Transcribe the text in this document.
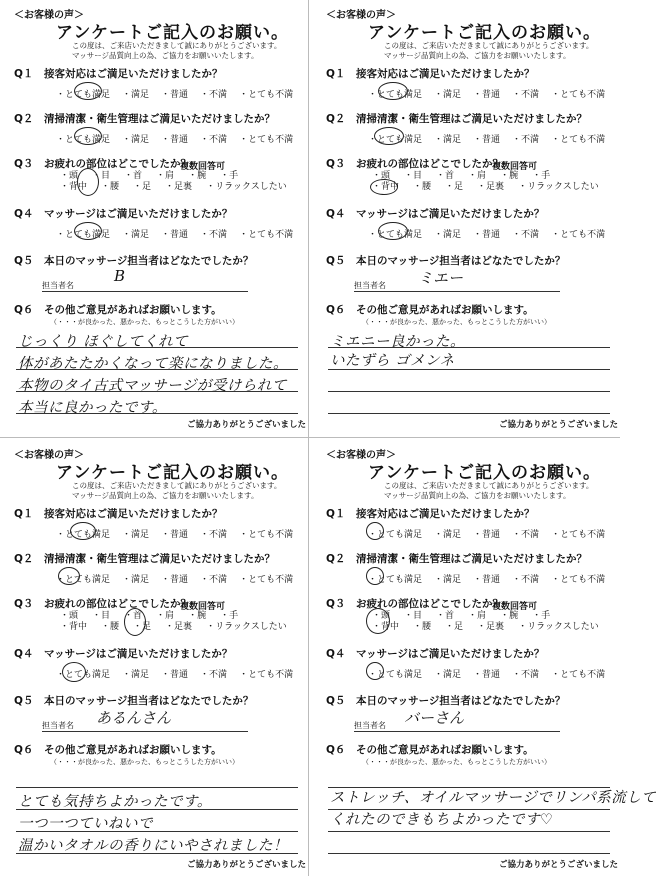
＜お客様の声＞
アンケートご記入のお願い。
この度は、ご来店いただきまして誠にありがとうございます。
マッサージ品質向上の為、ご協力をお願いいたします。
Q１ 接客対応はご満足いただけましたか？
・とても満足 ・満足 ・普通 ・不満 ・とても不満
Q２ 清掃清潔・衛生管理はご満足いただけましたか？
・とても満足 ・満足 ・普通 ・不満 ・とても不満
Q３ お疲れの部位はどこでしたか？
複数回答可
・頭 ・目 ・首 ・肩 ・腕 ・手
・背中 ・腰 ・足 ・足裏 ・リラックスしたい
Q４ マッサージはご満足いただけましたか？
・とても満足 ・満足 ・普通 ・不満 ・とても不満
Q５ 本日のマッサージ担当者はどなたでしたか？
担当者名
B
Q６ その他ご意見があればお願いします。
（・・・が良かった、悪かった、もっとこうした方がいい）
じっくり ほぐしてくれて
体があたたかくなって楽になりました。
本物のタイ古式マッサージが受けられて
本当に良かったです。
ご協力ありがとうございました
＜お客様の声＞
アンケートご記入のお願い。
この度は、ご来店いただきまして誠にありがとうございます。
マッサージ品質向上の為、ご協力をお願いいたします。
Q１ 接客対応はご満足いただけましたか？
・とても満足 ・満足 ・普通 ・不満 ・とても不満
Q２ 清掃清潔・衛生管理はご満足いただけましたか？
・とても満足 ・満足 ・普通 ・不満 ・とても不満
Q３ お疲れの部位はどこでしたか？
複数回答可
・頭 ・目 ・首 ・肩 ・腕 ・手
・背中 ・腰 ・足 ・足裏 ・リラックスしたい
Q４ マッサージはご満足いただけましたか？
・とても満足 ・満足 ・普通 ・不満 ・とても不満
Q５ 本日のマッサージ担当者はどなたでしたか？
担当者名 ミエー
Q６ その他ご意見があればお願いします。
（・・・が良かった、悪かった、もっとこうした方がいい）
ミエニー良かった。
いたずら ゴメンネ
ご協力ありがとうございました
＜お客様の声＞
アンケートご記入のお願い。
この度は、ご来店いただきまして誠にありがとうございます。
マッサージ品質向上の為、ご協力をお願いいたします。
Q１ 接客対応はご満足いただけましたか？
・とても満足 ・満足 ・普通 ・不満 ・とても不満
Q２ 清掃清潔・衛生管理はご満足いただけましたか？
・とても満足 ・満足 ・普通 ・不満 ・とても不満
Q３ お疲れの部位はどこでしたか？
複数回答可
・頭 ・目 ・首 ・肩 ・腕 ・手
・背中 ・腰 ・足 ・足裏 ・リラックスしたい
Q４ マッサージはご満足いただけましたか？
・とても満足 ・満足 ・普通 ・不満 ・とても不満
Q５ 本日のマッサージ担当者はどなたでしたか？
担当者名 あるんさん
Q６ その他ご意見があればお願いします。
（・・・が良かった、悪かった、もっとこうした方がいい）
とても気持ちよかったです。
一つ一つていねいで
温かいタオルの香りにいやされました！
ご協力ありがとうございました
＜お客様の声＞
アンケートご記入のお願い。
この度は、ご来店いただきまして誠にありがとうございます。
マッサージ品質向上の為、ご協力をお願いいたします。
Q１ 接客対応はご満足いただけましたか？
・とても満足 ・満足 ・普通 ・不満 ・とても不満
Q２ 清掃清潔・衛生管理はご満足いただけましたか？
・とても満足 ・満足 ・普通 ・不満 ・とても不満
Q３ お疲れの部位はどこでしたか？
複数回答可
・頭 ・目 ・首 ・肩 ・腕 ・手
・背中 ・腰 ・足 ・足裏 ・リラックスしたい
Q４ マッサージはご満足いただけましたか？
・とても満足 ・満足 ・普通 ・不満 ・とても不満
Q５ 本日のマッサージ担当者はどなたでしたか？
担当者名 バーさん
Q６ その他ご意見があればお願いします。
（・・・が良かった、悪かった、もっとこうした方がいい）
ストレッチ、オイルマッサージでリンパ系流して
くれたのできもちよかったです♡
ご協力ありがとうございました
